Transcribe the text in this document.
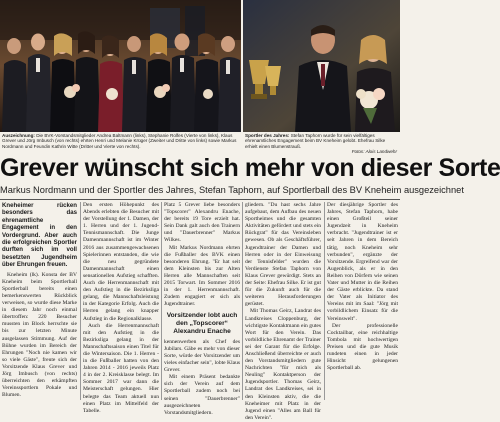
Auszeichnung: Die BVK-Vorstandsmitglieder Andrea Baltmann (links), Stephanie Rolfes (Vierte von links), Klaus Grever und Jörg Imbusch (von rechts) ehrten Henri und Melanie Krüger (Zweiter und Dritte von links) sowie Markus Nordmann und Feundin Kathrin Witte (Dritter und Vierte von rechts).
Sportler des Jahres: Stefan Taphorn wurde für sein vielfältiges ehrenamtliches Engagement beim BV Kneheim gelobt. Ehefrau Silke erhielt einen Blumenstrauß.
Fotos: Alois Landwehr
Grever wünscht sich mehr von dieser Sorte
Markus Nordmann und der Sportler des Jahres, Stefan Taphorn, auf Sportlerball des BV Kneheim ausgezeichnet

Kneheimer rücken besonders das ehrenamtliche Engagement in den Vordergrund. Aber auch die erfolgreichen Sportler durften sich im voll besetzten Jugendheim über Ehrungen freuen.

Kneheim (lk). Konsta der BV Kneheim beim Sportlerball Sportlerball bereits einen bemerkenswerten Rückblick verweisen, so wurde diese Marke in diesem Jahr noch einmal übertroffen: 220 Besucher mussten im Block herrschte sie bis zur letzten Minute ausgelassen Stimmung. Auf der Bühne wurden im Bereich der Ehrungen "Noch nie kamen wir so viele Gäste", freute sich der Vorsitzende Klaus Grever und Jörg Imbusch (von rechts) überreichten den erkämpften Vereinssportlern Pokale und Blumen.

Den ersten Höhepunkt des Abends erlebten die Besucher mit der Vorstellung der 1. Damen, der 1. Herren und der 1. Jugend-Tennismannschaft. Die Junge Damenmannschaft ist im Winter 2016 aus zusammengewachsenen Spielerinnen entstanden, die wie die neu gegründete Damenmannschaft einen sensationellen Aufstieg schafften. Auch die Herrenmannschaft mit den Aufstieg in die Bezirksliga gelang, die Mannschaftsleistung in der Kategorie Erfolg. Auch die Herren gelang ein knapper Aufstieg in die Regionalklasse.

Auch die Herrenmannschaft mit den Aufstieg in die Bezirksliga gelang in der Mannschaftssaison einen Titel für die Wintersaison. Die 1. Herren - in die Fußballer hatten von den Jahren 2014 - 2016 jeweils Platz 4 in der 2. Kreisklasse belegt. Im Sommer 2017 war dann die Meisterschaft gelungen. Hier belegte das Team aktuell nun einen Platz im Mittelfeld der Tabelle.

Platz 5 Grever liebe besonders "Topscorer" Alexandru Enache, der bereits 19 Tore erzielt hat. Sein Dank galt auch den Trainern und "Dauerbrenner" Markus Wilkes.

Mit Markus Nordmann ehrten die Fußballer des BVK einen besonderen Ehrung. "Er hat seit dem Kleinsten bis zur Alten Herren alle Mannschaften seit 2015 Torwart. Im Sommer 2016 in der 1. Herrenmannschaft. Zudem engagiert er sich als Jugendtrainer.

Vorsitzender lobt auch den „Topscorer“ Alexandru Enache

kennenwerben als Chef des Jubilars. Gäbe es mehr von dieser Sorte, würde der Vorsitzender um vieles einfacher sein", lobte Klaus Grever.

Mit einem Präsent bedankte sich der Verein auf dem Sportlerball zudem noch bei seinen "Dauerbrenner" ausgezeichneten Vorstandsmitgliedern.

gliedern. "Du hast sechs Jahre aufgebaut, dem Aufbau des neuen Sportheimes und die gesamten Aktivitäten gefördert und stets ein Rückgrat" für das Vereinsleben gewesen. Ob als Geschäftsführer, Jugendtrainer der Damen und Herren oder in der Einweisung der Tennisfelder" wurden die Verdienste Stefan Taphorn von Klaus Grever gewürdigt. Stets an der Seite: Ehefrau Silke. Er ist gut für die Zukunft auch für die weiteren Herausforderungen gerüstet.

Mit Thomas Geirz, Landrat des Landkreises Cloppenburg, der wichtigste Kontaktmann ein gutes Wort für den Verein. Das vorbildliche Ehrenamt der Trainer sei der Garant für die Erfolge. Anschließend überreichte er auch den Vorstandsmitgliedern gute Nachrichten "für mich als Neuling" Kontaktperson der Jugendsportler. Thomas Geirz, Landrat des Landkreises, sei in den Kleinsten aktiv, die die Kneheimer mit Platz in der Jugend einen "Alles am Ball für den Verein".

Der diesjährige Sportler des Jahres, Stefan Taphorn, habe einen Großteil seiner Jugendzeit in Kneheim verbracht. "Jugendtrainer ist er seit Jahren in dem Bereich tätig, noch Kneheim sehr verbunden", ergänzte der Vorsitzende. Ergreifend war der Augenblick, als er in den Reihen von Dörfern wie seinen Vater und Mutter in die Reihen der Gäste erblickte. Da stand der Vater als Initiator des Vereins mit im Saal: "Jörg mit vorbildlichem Einsatz für die Vereinswelt".

Der professionelle Cocktailbar, eine reichhaltige Tombola mit hochwertigen Preisen und die gute Musik rundeten einen in jeder Hinsicht gelungenen Sportlerball ab.
